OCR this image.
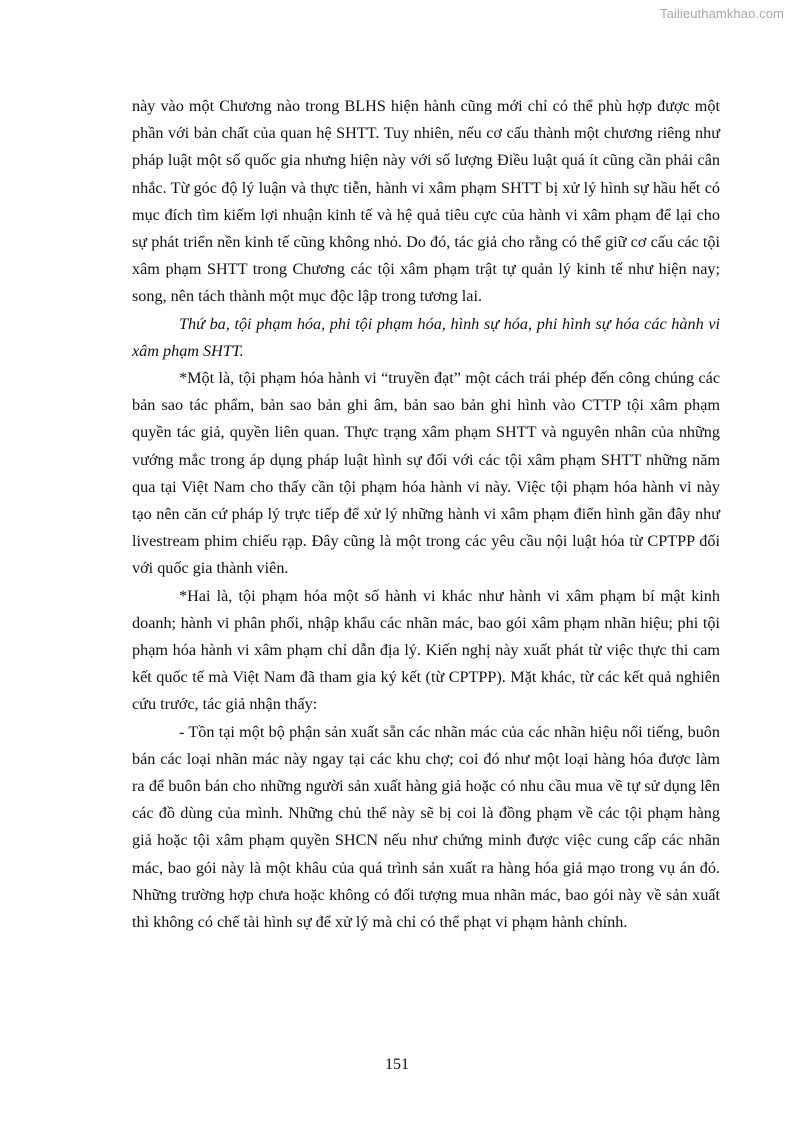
Tailieuthamkhao.com

này vào một Chương nào trong BLHS hiện hành cũng mới chỉ có thể phù hợp được một phần với bản chất của quan hệ SHTT. Tuy nhiên, nếu cơ cấu thành một chương riêng như pháp luật một số quốc gia nhưng hiện này với số lượng Điều luật quá ít cũng cần phải cân nhắc. Từ góc độ lý luận và thực tiễn, hành vi xâm phạm SHTT bị xử lý hình sự hầu hết có mục đích tìm kiếm lợi nhuận kinh tế và hệ quả tiêu cực của hành vi xâm phạm để lại cho sự phát triển nền kinh tế cũng không nhỏ. Do đó, tác giả cho rằng có thể giữ cơ cấu các tội xâm phạm SHTT trong Chương các tội xâm phạm trật tự quản lý kinh tế như hiện nay; song, nên tách thành một mục độc lập trong tương lai.

Thứ ba, tội phạm hóa, phi tội phạm hóa, hình sự hóa, phi hình sự hóa các hành vi xâm phạm SHTT.

*Một là, tội phạm hóa hành vi “truyền đạt” một cách trái phép đến công chúng các bản sao tác phẩm, bản sao bản ghi âm, bản sao bản ghi hình vào CTTP tội xâm phạm quyền tác giả, quyền liên quan. Thực trạng xâm phạm SHTT và nguyên nhân của những vướng mắc trong áp dụng pháp luật hình sự đối với các tội xâm phạm SHTT những năm qua tại Việt Nam cho thấy cần tội phạm hóa hành vi này. Việc tội phạm hóa hành vi này tạo nên căn cứ pháp lý trực tiếp để xử lý những hành vi xâm phạm điển hình gần đây như livestream phim chiếu rạp. Đây cũng là một trong các yêu cầu nội luật hóa từ CPTPP đối với quốc gia thành viên.

*Hai là, tội phạm hóa một số hành vi khác như hành vi xâm phạm bí mật kinh doanh; hành vi phân phối, nhập khẩu các nhãn mác, bao gói xâm phạm nhãn hiệu; phi tội phạm hóa hành vi xâm phạm chỉ dẫn địa lý. Kiến nghị này xuất phát từ việc thực thi cam kết quốc tế mà Việt Nam đã tham gia ký kết (từ CPTPP). Mặt khác, từ các kết quả nghiên cứu trước, tác giả nhận thấy:

- Tồn tại một bộ phận sản xuất sẵn các nhãn mác của các nhãn hiệu nổi tiếng, buôn bán các loại nhãn mác này ngay tại các khu chợ; coi đó như một loại hàng hóa được làm ra để buôn bán cho những người sản xuất hàng giả hoặc có nhu cầu mua về tự sử dụng lên các đồ dùng của mình. Những chủ thể này sẽ bị coi là đồng phạm về các tội phạm hàng giả hoặc tội xâm phạm quyền SHCN nếu như chứng minh được việc cung cấp các nhãn mác, bao gói này là một khâu của quá trình sản xuất ra hàng hóa giả mạo trong vụ án đó. Những trường hợp chưa hoặc không có đối tượng mua nhãn mác, bao gói này về sản xuất thì không có chế tài hình sự để xử lý mà chỉ có thể phạt vi phạm hành chính.

151
